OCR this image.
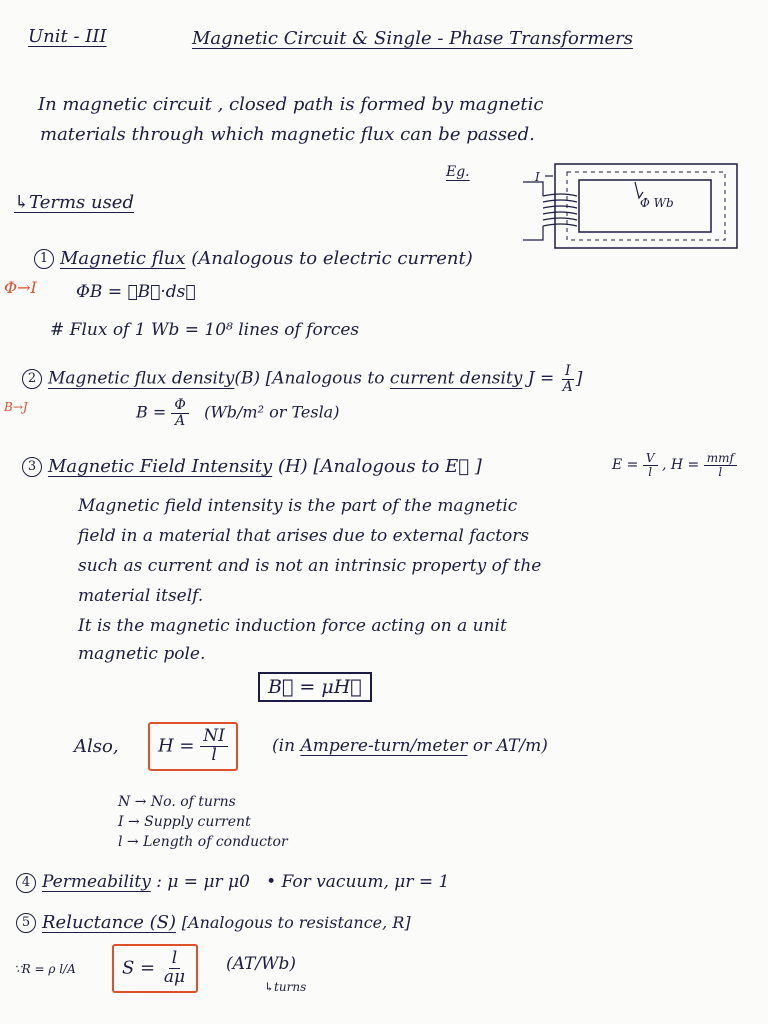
Unit - III	Magnetic Circuit & Single - Phase Transformers
In magnetic circuit , closed path is formed by magnetic
materials through which magnetic flux can be passed.
Eg.	I
Φ Wb
↳Terms used
1 Magnetic flux (Analogous to electric current)
Φ→I ΦB = ∮B⃗·ds⃗
# Flux of 1 Wb = 10⁸ lines of forces
2 Magnetic flux density(B) [Analogous to current density $J = \frac{I}{A}$ ]
B→J	$B = \frac{\Phi}{A} (Wb/m^2$ or Tesla)
3 Magnetic Field Intensity (H) [Analogous to E⃗ ]	$E = \frac{V}{l}$ , $H = \frac{\text{mmf}}{l}$
Magnetic field intensity is the part of the magnetic
field in a material that arises due to external factors
such as current and is not an intrinsic property of the
material itself.
It is the magnetic induction force acting on a unit
magnetic pole.
B⃗ = μH⃗
Also,	$H = \frac{NI}{l}$	(in Ampere-turn/meter or AT/m)
N → No. of turns
I → Supply current
l → Length of conductor
4 Permeability : μ = μr μ0 • For vacuum, μr = 1
5 Reluctance (S) [Analogous to resistance, R]
∵R = ρ l/A	$S = \frac{l}{a\mu} (AT/Wb)$
↳turns
